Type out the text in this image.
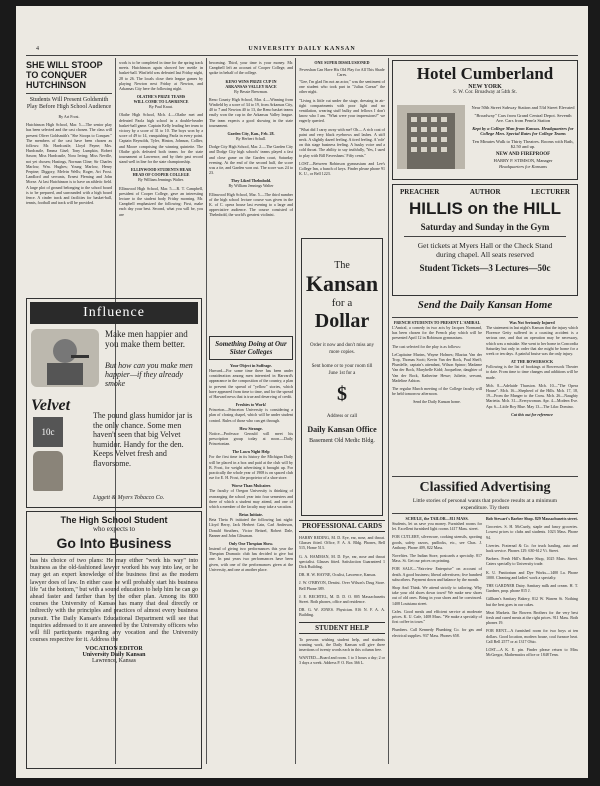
4	UNIVERSITY DAILY KANSAN
SHE WILL STOOP TO CONQUER HUTCHINSON
Students Will Present Goldsmith Play Before High School Audience
By Art Frost.

Hutchinson High School, Mar. 5.—The senior play has been selected and the cast chosen. The class will present Oliver Goldsmith's "She Stoops to Conquer." The members of the cast have been chosen as follows: Mr. Hardcastle, Lloyd Payne; Mrs. Hardcastle, Emma Gisel; Tony Lumpkin, Robert Saxon; Miss Hardcastle, Nora Irving; Miss Neville, not yet chosen; Hastings, Norman Cline; Sir Charles Marlow, Wm. Hughes; Young Marlow, Henry Perpine; Diggory, Melvin Wells; Roger, Art Frost. Landlord and servants, Ernest Fleming and John Morse. At last Hutchinson is to have an athletic field. A large plot of ground belonging to the school board is to be prepared, and surrounded with a high board fence. A cinder track and facilities for basket-ball, tennis, football and track will be provided.

work is to be completed in time for the spring track meets. Hutchinson again showed her mettle in basket-ball. Winfield was defeated last Friday night, 28 to 26. The locals close their league games by playing Newton next Friday at Newton, and Arkansas City here the following night.

OLATHE'S PRIZE TEAMS
WILL COME TO LAWRENCE
By Paul Kraut.

Olathe High School, Mch. 4.—Olathe met and defeated Paola high school in a double-header basket-ball game. Captain Kelly leading her team to victory by a score of 31 to 10. The boys won by a score of 49 to 14, vanquishing Paola in every point. Captain Reynolds, Tyler, Hinton, Johnson, Collier, and Moore comprising the winning quintette. The Olathe girls defeated both teams for the state tournament at Lawrence, and by their past record stand well in line for the state championship.

ELLINWOOD STUDENTS HEAR
HEAD OF COOPER COLLEGE
By William Jennings Walter.

Ellinwood High School, Mar. 5.—R. T. Campbell, president of Cooper College, gave an interesting lecture to the student body Friday morning. Mr. Campbell emphasized the following: First, make each day your best. Second, what you will be, you are

becoming. Third, your time is your money. Mr. Campbell left an account of Cooper College, and spoke in behalf of the college.

KENO WINS PRIZE CUP IN
ARKANSAS VALLEY RACE
By Bessie Brewman.

Reno County High School, Mar. 4.—Winning from Winfield by a score of 34 to 19, from Arkansas City, 40 to 7 and Newton 40 to 13, the Reno basket teams easily won the cup in the Arkansas Valley league. The team expects a good showing in the state tournament.

Garden City, Kan., Feb. 28.
By Herbert Schull.

Dodge City High School, Mar. 2.—The Garden City and Dodge City high schools' teams played a fast and close game on the Garden court, Saturday evening. At the end of the second half, the score was a tie, and Garden won out. The score was 24 to 23.

They Liked Thelmbold.
By William Jennings Walter

Ellinwood High School, Mar. 5.—The third number of the high school lecture course was given in the K. of C. opera house last evening to a large and appreciative audience. The course consisted of Thelmbold, the world's greatest violinist.

ONE SUPER DISSILUSIONED
Fevershan Can Have His Old Play for All This Shade Cares.

"Gee, I'm glad I'm not an actor," was the sentiment of one student who took part in "Julius Caesar" the other night.

"Living is little cut under the stage, dressing in air-tight compartments with poor light and no ventilation, wearing stuff bulky and fellows I don't know who I am. "What were your impressions?" we eagerly queried.

"What did I carry away with me? Oh— A rich coat of paint and very black eyebrows and lashes. A stiff neck. A slightly dazed feeling. A tired feeling. A 'role' on this stage business feeling. A husky voice and a cold throat. The ability to say truthfully, 'Yes, I used to play with Bill Faversham.' Fifty cents."

LOST—Between Robinson gymnasium and Lee's College Inn, a bunch of keys. Finder please phone 91 K. U., or Bell 1223.

The
Kansan
for a
Dollar
Order it now and don't miss any more copies.
Sent home or to your room till June 1st for a
$
Address or call
Daily Kansan Office
Basement Old Medic Bldg.
Influence
Make men happier and you make them better.
But how can you make men happier—if they already smoke
Velvet
10c
The pound glass humidor jar is the only chance. Some men haven't seen that big Velvet humidor. Handy for the den. Keeps Velvet fresh and flavorsome.
Liggett & Myers Tobacco Co.
The High School Student
who expects to
Go Into Business

has his choice of two plans: He may either "work his way" into business as the old-fashioned lawyer worked his way into law, or he may get an expert knowledge of the business first as the modern lawyer does of law. In either case he will probably start his business life "at the bottom," but with a sound education to help him he can go ahead faster and farther than by the other plan. Among its 800 courses the University of Kansas has many that deal directly or indirectly with the principles and practices of almost every business pursuit. The Daily Kansan's Educational Department will see that inquiries addressed to it are answered by the University officers who will fill participants regarding any vocation and the University courses respective for it. Address the

VOCATION EDITOR
University Daily Kansan
Lawrence, Kansas
Something Doing at Our Sister Colleges
Your Object in Suffrage.

Harvard—For some time there has been under consideration among men interested in Harvard's appearance in the composition of the country, a plan to prevent the spread of "yellow" stories, which have appeared from time to time, and for the spread of Harvard news that is true and deserving of credit.

Freshies to Work!

Princeton—Princeton University is considering a plan of closing chapel, which will be under student control. Rules of those who can get through.

How Strange.

Notice—Professor Gerould will meet his prescription group today at noon.—Daily Princetonian.

The Lawn Night Help

For the first time in its history the Michigan Daily will be placed in a box and paid at the club will by B. Frost, for weight advertising it brought up. For practically the whole year of 1908 is on spaced club rue for E. H. Frost, the proprietor of a shoe store.

Worse Than Mulcaires

The faculty of Oregon University is thinking of rearranging the school year into four semesters and three of which a student may attend, and one of which a member of the faculty may take a vacation.

Betas Initiate.

Beta Theta Pi initiated the following last night: Lloyd Berry, Jack Herbert Cain, Carl Anderson, Donald Struthers, Victor Beitzel, Robert Dale, Banner and John Glissman.

Only One Thespian Show.

Instead of giving two performances this year the Thespian Dramatic club has decided to give but one. In past years two performances have been given, with one of the performances given at the University, and one at another place.

PROFESSIONAL CARDS

HARRY REDING, M. D. Eye, ear, nose, and throat. Glasses fitted. Office, F. A. A. Bldg. Phones, Bell 515, Home 513.

G. A. HAMMAN, M. D. Eye, ear, nose and throat specialist. Glasses fitted. Satisfaction Guaranteed 1 Dick Building.

DR. H. W. HAYNE, Oculist, Lawrence, Kansas.

J. W. O'BRYON, Dentist. Over Wilson's Drug Store. Bell Phone 389.

J. E. BECHTEL, M. D. D. O. 805 Massachusetts Street. Both phones, office and residence.

DR. G. W. JONES. Physician. 816 N. F. A. A. Building.

STUDENT HELP

To persons wishing student help, and students wanting work, the Daily Kansan will give three insertions of twenty words each in this column free.

WANTED—Board and room. 1 to 3 hours a day; 2 or 3 days a week. Address P. O. Box 366 L.

Hotel Cumberland
NEW YORK
S. W. Cor. Broadway at 54th St.
Near 50th Street Subway Station and 53d Street Elevated
"Broadway" Cars from Grand Central Depot. Seventh Ave. Cars from Penn'a Station
Kept by a College Man from Kansas. Headquarters for College Men. Special Rates for College Teams
Ten Minutes Walk to Thirty Theatres. Rooms with Bath, $2.50 and up.
NEW AND FIREPROOF
HARRY P. STIMSON, Manager
Headquarters for Kansans
PREACHER	AUTHOR	LECTURER
HILLIS on the HILL
Saturday and Sunday in the Gym
Get tickets at Myers Hall or the Check Stand during chapel. All seats reserved
Student Tickets—3 Lectures—50c
Send the Daily Kansan Home
FRENCH STUDENTS TO PRESENT L'AMIRAL

L'Amiral, a comedy in two acts by Jacques Normand, has been chosen for the French play which will be presented April 12 in Robinson gymnasium.

The cast selected for the play is as follows:

LeCapitaine Marins, Wayne Holmes; Blazius Van der Trop, Thomas Scott; Kevin Van der Rock, Paul Sheff; Plumlelle, captain's attendant, Wilson Spinor; Madame Van der Bock, Marybelle Kidd; Jacqueline, daughter of Van der Bock, Katherine Hesse; Juliette, servant, Madeline Ashton.

The regular March meeting of the College faculty will be held tomorrow afternoon.

Send the Daily Kansan home.
Was Not Seriously Injured

The statement in last night's Kansan that the injury which Florence Getty suffered in a coasting accident is a serious one, and that an operation may be necessary, which was a mistake. She went to her home in Concordia Saturday but only in order that she might be home for a week or ten days. A painful bruise was the only injury.

AT THE BOWERSOCK

Following is the list of bookings at Bowersock Theater to date. From time to time changes and additions will be made.

Mch. 8—Adelaide Thurston. Mch. 10—"The Opera House". Mch. 16—Shepherd of the Hills. Mch. 17, 18, 19—From the Manger to the Cross. Mch. 26—Naughty Marietta. Mch. 31—Everywoman. Apr. 4—Modern Eve. Apr. 6—Little Boy Blue. May 13—The Lilac Domino.

Cut this out for reference
Classified Advertising
Little stories of personal wants that produce results at a minimum expenditure. Tiy them
SCHULE, the TAILOR—811 MASS.

Students, let us save you money. Furnished rooms for let. Excellent furnished light rooms 1417 Mass. street.

FOR CUTLERY, silverware, cooking utensils, sporting goods, safety razors, padlocks, etc., see Chas. J. Anthony. Phone 409, 822 Mass.

Novelties. The Indian Store, postcards a specialty. 817 Mass. St. Get our prices on printing.

FOR SALE—"Fairview Enterprise" on account of death. A good business; liberal advertisers; five hundred subscribers. Payment down and balance by the month.

Shop And Think. We attend strictly to tailoring. Why take your old shoes down town? We make new shoes out of old ones. Bring in your shoes and be convinced. 1408 Louisiana street.

Cafes. Good meals and efficient service at moderate prices. K. U. Cafe, 1408 Mass. "We make a specialty of first coffee in town."

Plumbers. Call Kennedy Plumbing Co. for gas and electrical supplies. 937 Mass. Phones 658.

Bob Stewart's Barber Shop. 829 Massachusetts street.

Groceries. S. H. McCurdy, staple and fancy groceries. Lowest prices to clubs and students. 1023 Mass. Phone 94.

Liveries. Fraternal & Co. for truck hauling, auto and hack service. Phones 129. 630-612 Vt. Street.

Barbers. Fresh Hill's Barber Shop, 1025 Mass. Street. Caters specially to University trade.

K. U. Panitorium and Dye Works—1400 La. Phone 1000. Cleaning and ladies' work a specialty.

THE GARDNER Dairy. Sanitary milk and cream. H. T. Gardner, prop. phone 815 J.

Gillham's Sanitary Bakery, 812 W. Warren St. Nothing but the best goes in our cakes.

Meat Markets. Ike Bowers Brothers for the very best fresh and cured meats at the right prices. 911 Mass. Both phones 19.

FOR RENT—A furnished room for two boys at ten dollars. Good location, modern house, coal furnace heat. Call Bell 2577 or at 1317 Ohio.

LOST—A K. E. pin. Finder please return to Miss McGregor, Mathematics office or 1848 Tenn.
